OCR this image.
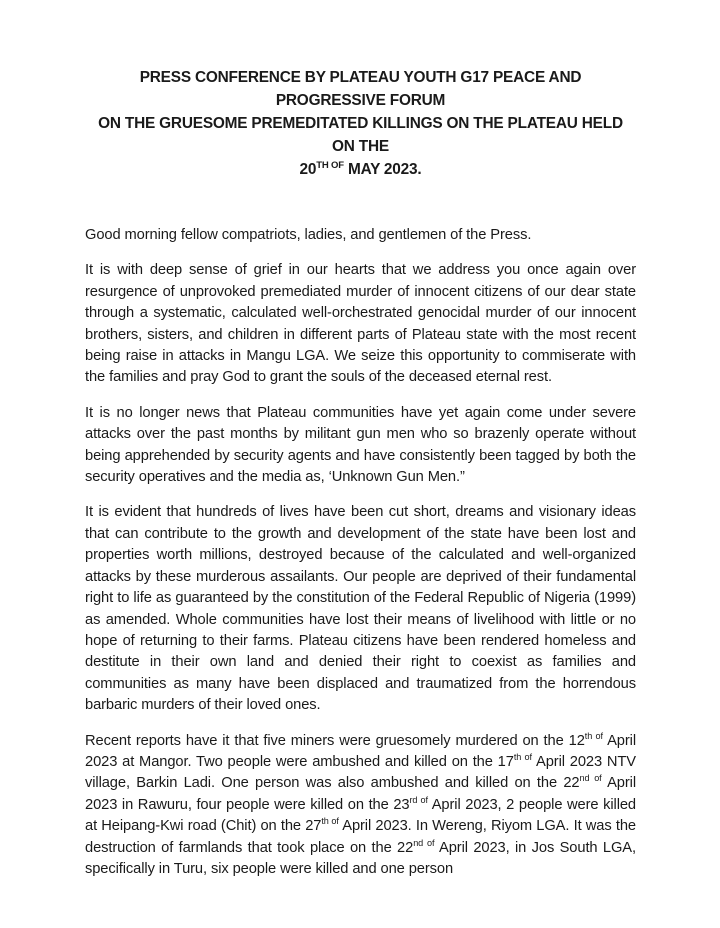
PRESS CONFERENCE BY PLATEAU YOUTH G17 PEACE AND PROGRESSIVE FORUM
ON THE GRUESOME PREMEDITATED KILLINGS ON THE PLATEAU HELD ON THE
$20^{TH OF}$ MAY 2023.

Good morning fellow compatriots, ladies, and gentlemen of the Press.

It is with deep sense of grief in our hearts that we address you once again over resurgence of unprovoked premediated murder of innocent citizens of our dear state through a systematic, calculated well-orchestrated genocidal murder of our innocent brothers, sisters, and children in different parts of Plateau state with the most recent being raise in attacks in Mangu LGA. We seize this opportunity to commiserate with the families and pray God to grant the souls of the deceased eternal rest.

It is no longer news that Plateau communities have yet again come under severe attacks over the past months by militant gun men who so brazenly operate without being apprehended by security agents and have consistently been tagged by both the security operatives and the media as, ‘Unknown Gun Men.”

It is evident that hundreds of lives have been cut short, dreams and visionary ideas that can contribute to the growth and development of the state have been lost and properties worth millions, destroyed because of the calculated and well-organized attacks by these murderous assailants. Our people are deprived of their fundamental right to life as guaranteed by the constitution of the Federal Republic of Nigeria (1999) as amended. Whole communities have lost their means of livelihood with little or no hope of returning to their farms. Plateau citizens have been rendered homeless and destitute in their own land and denied their right to coexist as families and communities as many have been displaced and traumatized from the horrendous barbaric murders of their loved ones.

Recent reports have it that five miners were gruesomely murdered on the $12^{th of}$ April 2023 at Mangor. Two people were ambushed and killed on the $17^{th of}$ April 2023 NTV village, Barkin Ladi. One person was also ambushed and killed on the $22^{nd of}$ April 2023 in Rawuru, four people were killed on the $23^{rd of}$ April 2023, 2 people were killed at Heipang-Kwi road (Chit) on the $27^{th of}$ April 2023. In Wereng, Riyom LGA. It was the destruction of farmlands that took place on the $22^{nd of}$ April 2023, in Jos South LGA, specifically in Turu, six people were killed and one person
